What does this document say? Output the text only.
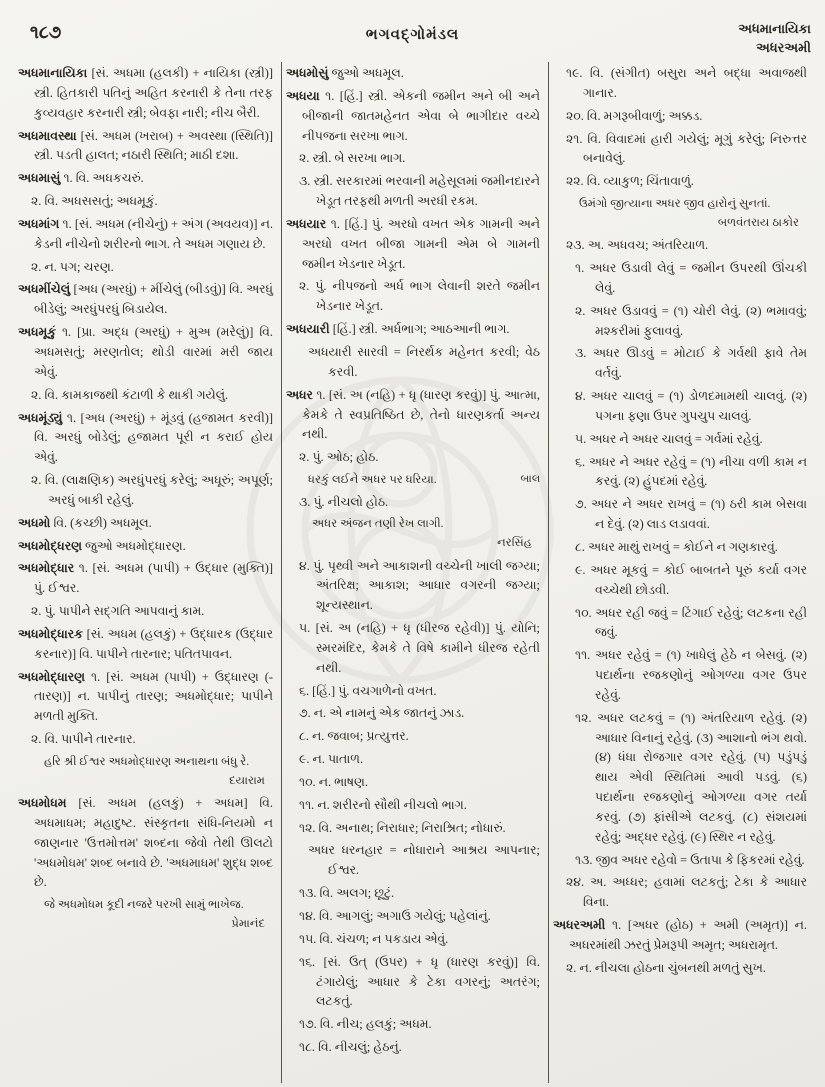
૧૮૭	ભગવદ્ગોમંડલ	અધમાનાયિકા
અધરઅમી
અધમાનાયિકા [સં. અધમા (હલકી) + નાયિકા (સ્ત્રી)] સ્ત્રી. હિતકારી પતિનું અહિત કરનારી કે તેના તરફ કુવ્યવહાર કરનારી સ્ત્રી; બેવફા નારી; નીચ બૈરી.
અધમાવસ્થા [સં. અધમ (ખરાબ) + અવસ્થા (સ્થિતિ)] સ્ત્રી. પડતી હાલત; નઠારી સ્થિતિ; માઠી દશા.
અધમાસું ૧. વિ. અધકચરું.
૨. વિ. અધસસતું; અધમૂકું.
અધમાંગ ૧. [સં. અધમ (નીચેનું) + અંગ (અવયવ)] ન. કેડની નીચેનો શરીરનો ભાગ. તે અધમ ગણાય છે.
૨. ન. પગ; ચરણ.
અધમીંચેલું [અધ (અરધું) + મીંચેલું (બીડવું)] વિ. અરધું બીડેલું; અરધુંપરધું બિડાયેલ.
અધમૂકું ૧. [પ્રા. અદ્ધ (અરધું) + મુઅ (મરેલું)] વિ. અધમસતું; મરણતોલ; થોડી વારમાં મરી જાય એવું.
૨. વિ. કામકાજથી કંટાળી કે થાકી ગયેલું.
અધમૂંડ્યું ૧. [અધ (અરધું) + મૂંડવું (હજામત કરવી)] વિ. અરધું બોડેલું; હજામત પૂરી ન કરાઈ હોય એવું.
૨. વિ. (લાક્ષણિક) અરધુંપરધું કરેલું; અધૂરું; અપૂર્ણ; અરધું બાકી રહેલું.
અધમો વિ. (કચ્છી) અધમૂલ.
અધમોદ્ધરણ જુઓ અધમોદ્ધારણ.
અધમોદ્ધાર ૧. [સં. અધમ (પાપી) + ઉદ્ધાર (મુક્તિ)] પું. ઈશ્વર.
૨. પું. પાપીને સદ્ગતિ આપવાનું કામ.
અધમોદ્ધારક [સં. અધમ (હલકું) + ઉદ્ધારક (ઉદ્ધાર કરનાર)] વિ. પાપીને તારનાર; પતિતપાવન.
અધમોદ્ધારણ ૧. [સં. અધમ (પાપી) + ઉદ્ધારણ (-તારણ)] ન. પાપીનું તારણ; અધમોદ્ધાર; પાપીને મળતી મુક્તિ.
૨. વિ. પાપીને તારનાર.
હરિ શ્રી ઈશ્વર અધમોદ્ધારણ અનાથના બંધુ રે.
દયારામ
અધમોધમ [સં. અધમ (હલકું) + અધમ] વિ. અધમાધમ; મહાદુષ્ટ. સંસ્કૃતના સંધિ-નિયમો ન જાણનાર 'ઉત્તમોત્તમ' શબ્દના જેવો તેથી ઊલટો 'અધમોધમ' શબ્દ બનાવે છે. 'અધમાધમ' શુદ્ધ શબ્દ છે.
જે અધમોધમ કૂદી નજરે પરખી સામું ભાખેજ.
પ્રેમાનંદ
અધમોસું જુઓ અધમૂલ.
અધયા ૧. [હિં.] સ્ત્રી. એકની જમીન અને બી અને બીજાની જાતમહેનત એવા બે ભાગીદાર વચ્ચે નીપજના સરખા ભાગ.
૨. સ્ત્રી. બે સરખા ભાગ.
૩. સ્ત્રી. સરકારમાં ભરવાની મહેસૂલમાં જમીનદારને ખેડૂત તરફથી મળતી અરધી રકમ.
અધયાર ૧. [હિં.] પું. અરધો વખત એક ગામની અને અરધો વખત બીજા ગામની એમ બે ગામની જમીન ખેડનાર ખેડૂત.
૨. પું. નીપજનો અર્ધ ભાગ લેવાની શરતે જમીન ખેડનાર ખેડૂત.
અધયારી [હિં.] સ્ત્રી. અર્ધભાગ; આઠઆની ભાગ.
અધયારી સારવી = નિરર્થક મહેનત કરવી; વેઠ કરવી.
અધર ૧. [સં. અ (નહિ) + ધૃ (ધારણ કરવું)] પું. આત્મા, કેમકે તે સ્વપ્રતિષ્ઠિત છે, તેનો ધારણકર્તા અન્ય નથી.
૨. પું. ઓઠ; હોઠ.
ધરકું લઈને અધર પર ધરિયા.	બાલ
૩. પું. નીચલો હોઠ.
અધર અંજન તણી રેખ લાગી.
નરસિંહ
૪. પું. પૃથ્વી અને આકાશની વચ્ચેની ખાલી જગ્યા; અંતરિક્ષ; આકાશ; આધાર વગરની જગ્યા; શૂન્યસ્થાન.
૫. [સં. અ (નહિ) + ધૃ (ધીરજ રહેવી)] પું. યોનિ; સ્મરમંદિર, કેમકે તે વિષે કામીને ધીરજ રહેતી નથી.
૬. [હિં.] પું. વચગાળેનો વખત.
૭. ન. એ નામનું એક જાતનું ઝાડ.
૮. ન. જવાબ; પ્રત્યુત્તર.
૯. ન. પાતાળ.
૧૦. ન. ભાષણ.
૧૧. ન. શરીરનો સૌથી નીચલો ભાગ.
૧૨. વિ. અનાથ; નિરાધાર; નિરાશ્રિત; નોધારું.
અધર ધરનહાર = નોધારાને આશ્રય આપનાર; ઈશ્વર.
૧૩. વિ. અલગ; છૂટું.
૧૪. વિ. આગલું; અગાઉ ગયેલું; પહેલાંનું.
૧૫. વિ. ચંચળ; ન પકડાય એવું.
૧૬. [સં. ઉત્ (ઉપર) + ધૃ (ધારણ કરવું)] વિ. ટંગાયેલું; આધાર કે ટેકા વગરનું; અતરંગ; લટકતું.
૧૭. વિ. નીચ; હલકું; અધમ.
૧૮. વિ. નીચલું; હેઠનું.
૧૯. વિ. (સંગીત) બસુરા અને બદ્ધા અવાજથી ગાનાર.
૨૦. વિ. મગરૂબીવાળું; અક્કડ.
૨૧. વિ. વિવાદમાં હારી ગયેલું; મૂગું કરેલું; નિરુત્તર બનાવેલું.
૨૨. વિ. વ્યાકુળ; ચિંતાવાળું.
ઉમંગો જીત્યાના અધર જીવ હારોનું સુનતાં.
બળવંતરાય ઠાકોર
૨૩. અ. અધવચ; અંતરિયાળ.
૧. અધર ઉડાવી લેવું = જમીન ઉપરથી ઊંચકી લેવું.
૨. અધર ઉડાવવું = (૧) ચોરી લેવું. (૨) ભમાવવું; મશ્કરીમાં ફુલાવવું.
૩. અધર ઊડવું = મોટાઈ કે ગર્વથી ફાવે તેમ વર્તવું.
૪. અધર ચાલવું = (૧) ડોળદમામથી ચાલવું. (૨) પગના ફણા ઉપર ગુપચુપ ચાલવું.
૫. અધર ને અધર ચાલવું = ગર્વમાં રહેવું.
૬. અધર ને અધર રહેવું = (૧) નીચા વળી કામ ન કરવું. (૨) હુંપદમાં રહેવું.
૭. અધર ને અધર રાખવું = (૧) ઠરી કામ બેસવા ન દેવું. (૨) લાડ લડાવવાં.
૮. અધર માથું રાખવું = કોઈને ન ગણકારવું.
૯. અધર મૂકવું = કોઈ બાબતને પૂરું કર્યા વગર વચ્ચેથી છોડવી.
૧૦. અધર રહી જવું = ટિંગાઈ રહેવું; લટકના રહી જવું.
૧૧. અધર રહેવું = (૧) ખાધેલું હેઠે ન બેસવું. (૨) પદાર્થના રજકણોનું ઓગળ્યા વગર ઉપર રહેવું.
૧૨. અધર લટકવું = (૧) અંતરિયાળ રહેવું. (૨) આધાર વિનાનું રહેવું. (૩) આશાનો ભંગ થવો. (૪) ધંધા રોજગાર વગર રહેવું. (૫) પડુંપડું થાય એવી સ્થિતિમાં આવી પડવું. (૬) પદાર્થના રજકણોનું ઓગળ્યા વગર તર્યા કરવું. (૭) ફાંસીએ લટકવું. (૮) સંશયમાં રહેવું; અદ્ધર રહેવું. (૯) સ્થિર ન રહેવું.
૧૩. જીવ અધર રહેવો = ઉતાપા કે ફિકરમાં રહેવું.
૨૪. અ. અધ્ધર; હવામાં લટકતું; ટેકા કે આધાર વિના.
અધરઅમી ૧. [અધર (હોઠ) + અમી (અમૃત)] ન. અધરમાંથી ઝરતું પ્રેમરૂપી અમૃત; અધરામૃત.
૨. ન. નીચલા હોઠના ચુંબનથી મળતું સુખ.
